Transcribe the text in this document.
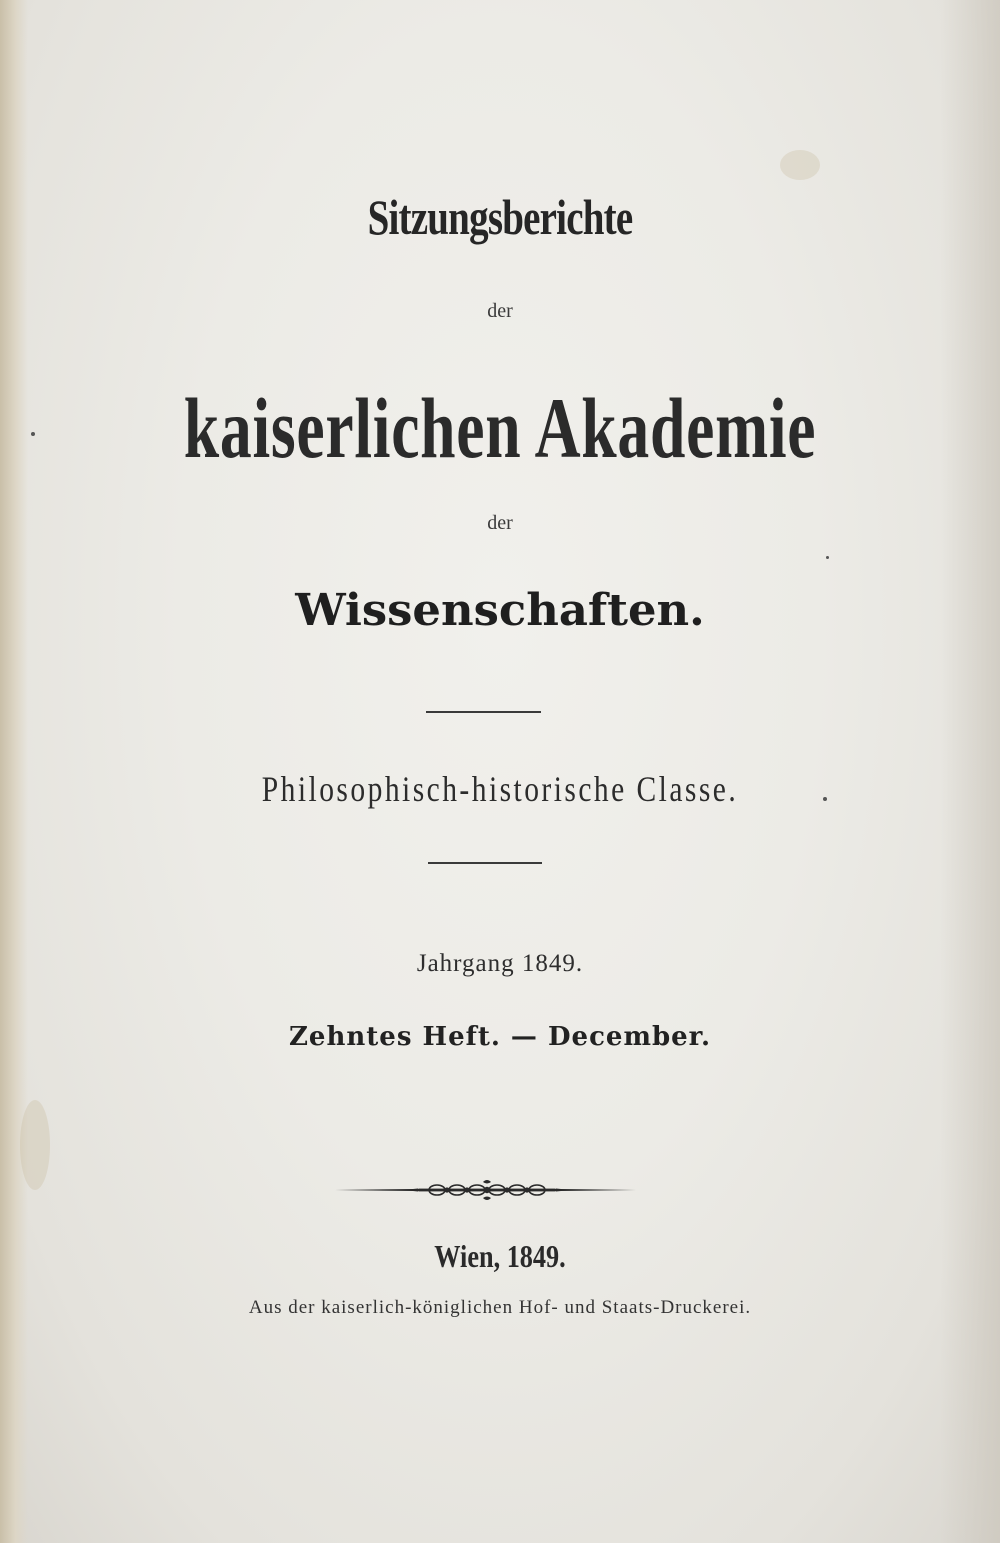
Sitzungsberichte
der
kaiserlichen Akademie
der
Wissenschaften.
Philosophisch-historische Classe.
Jahrgang 1849.
Zehntes Heft. — December.
Wien, 1849.
Aus der kaiserlich-königlichen Hof- und Staats-Druckerei.
